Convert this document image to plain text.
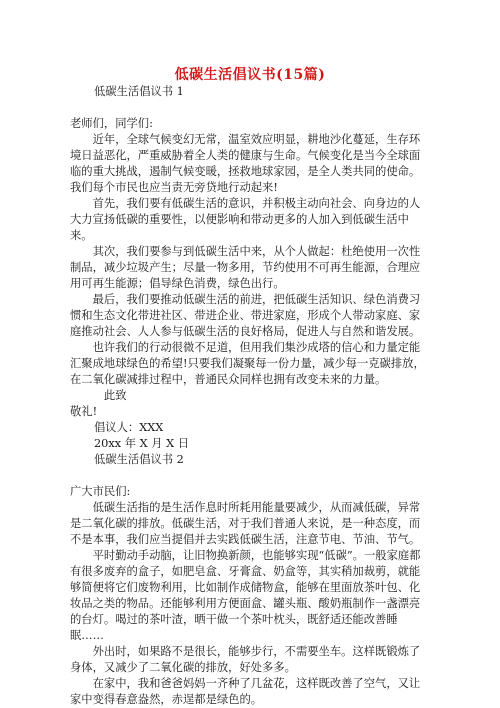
低碳生活倡议书(15篇)

低碳生活倡议书 1

老师们，同学们:

近年，全球气候变幻无常，温室效应明显，耕地沙化蔓延，生存环境日益恶化，严重威胁着全人类的健康与生命。气候变化是当今全球面临的重大挑战，遏制气候变暖，拯救地球家园，是全人类共同的使命。我们每个市民也应当责无旁贷地行动起来!

首先，我们要有低碳生活的意识，并积极主动向社会、向身边的人大力宣扬低碳的重要性，以便影响和带动更多的人加入到低碳生活中来。

其次，我们要参与到低碳生活中来，从个人做起：杜绝使用一次性制品，减少垃圾产生；尽量一物多用，节约使用不可再生能源，合理应用可再生能源；倡导绿色消费，绿色出行。

最后，我们要推动低碳生活的前进，把低碳生活知识、绿色消费习惯和生态文化带进社区、带进企业、带进家庭，形成个人带动家庭、家庭推动社会、人人参与低碳生活的良好格局，促进人与自然和谐发展。

也许我们的行动很微不足道，但用我们集沙成塔的信心和力量定能汇聚成地球绿色的希望!只要我们凝聚每一份力量，减少每一克碳排放，在二氧化碳减排过程中，普通民众同样也拥有改变未来的力量。

此致

敬礼!

倡议人：XXX

20xx 年 X 月 X 日

低碳生活倡议书 2

广大市民们:

低碳生活指的是生活作息时所耗用能量要减少，从而减低碳，异常是二氧化碳的排放。低碳生活，对于我们普通人来说，是一种态度，而不是本事，我们应当提倡并去实践低碳生活，注意节电、节油、节气。

平时勤动手动脑，让旧物换新颜，也能够实现“低碳”。一般家庭都有很多废弃的盒子，如肥皂盒、牙膏盒、奶盒等，其实稍加裁剪，就能够简便将它们废物利用，比如制作成储物盒，能够在里面放茶叶包、化妆品之类的物品。还能够利用方便面盒、罐头瓶、酸奶瓶制作一盏漂亮的台灯。喝过的茶叶渣，晒干做一个茶叶枕头，既舒适还能改善睡眠……

外出时，如果路不是很长，能够步行，不需要坐车。这样既锻炼了身体，又减少了二氧化碳的排放，好处多多。

在家中，我和爸爸妈妈一齐种了几盆花，这样既改善了空气，又让家中变得春意盎然，赤逞都是绿色的。
